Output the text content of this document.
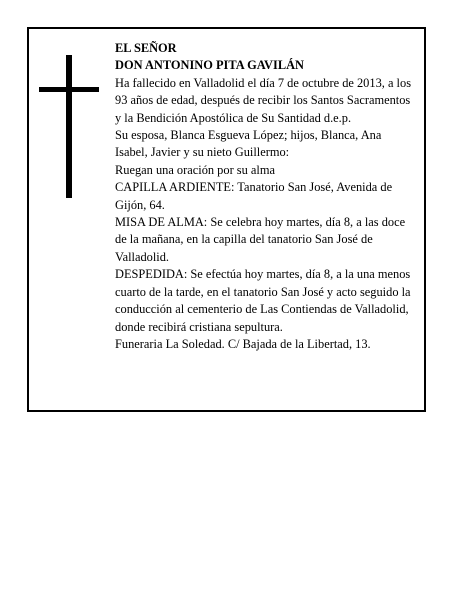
EL SEÑOR

DON ANTONINO PITA GAVILÁN

Ha fallecido en Valladolid el día 7 de octubre de 2013, a los 93 años de edad, después de recibir los Santos Sacramentos y la Bendición Apostólica de Su Santidad d.e.p.

Su esposa, Blanca Esgueva López; hijos, Blanca, Ana Isabel, Javier y su nieto Guillermo:

Ruegan una oración por su alma

CAPILLA ARDIENTE: Tanatorio San José, Avenida de Gijón, 64.

MISA DE ALMA: Se celebra hoy martes, día 8, a las doce de la mañana, en la capilla del tanatorio San José de Valladolid.

DESPEDIDA: Se efectúa hoy martes, día 8, a la una menos cuarto de la tarde, en el tanatorio San José y acto seguido la conducción al cementerio de Las Contiendas de Valladolid, donde recibirá cristiana sepultura.

Funeraria La Soledad. C/ Bajada de la Libertad, 13.
